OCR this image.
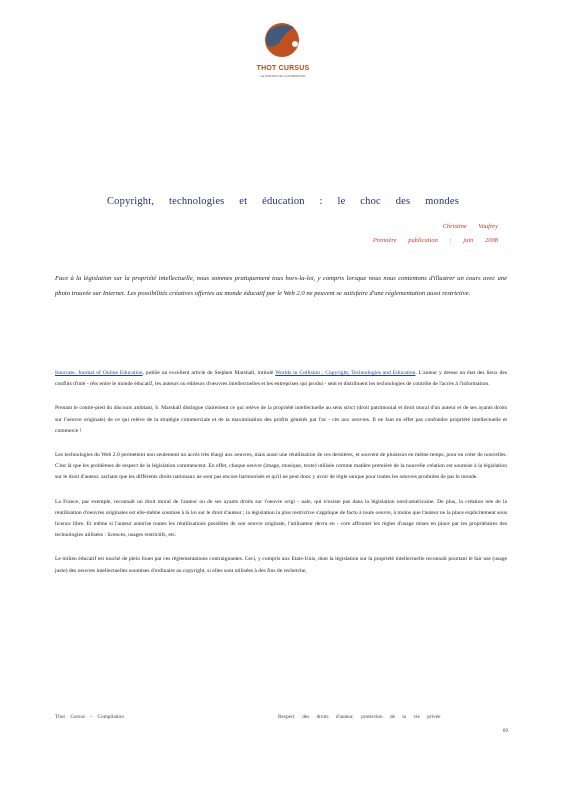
THOT CURSUS
LE PORTAIL DE LA FORMATION
Copyright, technologies et éducation : le choc des mondes
Christine Vaufrey
Première publication : juin 2008
Face à la législation sur la propriété intellectuelle, nous sommes pratiquement tous hors-la-loi, y compris lorsque nous nous contentons d'illustrer un cours avec une photo trouvée sur Internet. Les possibilités créatives offertes au monde éducatif par le Web 2.0 ne peuvent se satisfaire d'une réglementation aussi restrictive.

Innovate, Journal of Online Education, publie un excellent article de Stephen Marshall, intitulé Worlds in Collision : Copyright, Technologies and Education. L'auteur y dresse un état des lieux des conflits d'inté - rêts entre le monde éducatif, les auteurs ou éditeurs d'oeuvres intellectuelles et les entreprises qui produi - sent et distribuent les technologies de contrôle de l'accès à l'information.

Prenant le contre-pied du discours ambiant, S. Marshall distingue clairement ce qui relève de la propriété intellectuelle au sens strict (droit patrimonial et droit moral d'un auteur et de ses ayants droits sur l'oeuvre originale) de ce qui relève de la stratégie commerciale et de la maximisation des profits générés par l'ac - cès aux oeuvres. Il ne faut en effet pas confondre propriété intellectuelle et commerce !

Les technologies du Web 2.0 permettent non seulement un accès très élargi aux oeuvres, mais aussi une réutilisation de ces dernières, et souvent de plusieurs en même temps, pour en créer de nouvelles. C'est là que les problèmes de respect de la législation commencent. En effet, chaque oeuvre (image, musique, texte) utilisée comme matière première de la nouvelle création est soumise à la législation sur le droit d'auteur, sachant que les différents droits nationaux ne sont pas encore harmonisés et qu'il ne peut donc y avoir de règle unique pour toutes les oeuvres produites de par le monde.

La France, par exemple, reconnaît un droit moral de l'auteur ou de ses ayants droits sur l'oeuvre origi - nale, qui n'existe pas dans la législation nord-américaine. De plus, la création née de la réutilisation d'oeuvres originales est elle-même soumise à la loi sur le droit d'auteur ; la législation la plus restrictive s'applique de facto à toute oeuvre, à moins que l'auteur ne la place explicitement sous licence libre. Et même si l'auteur autorise toutes les réutilisations possibles de son oeuvre originale, l'utilisateur devra en - core affronter les règles d'usage mises en place par les propriétaires des technologies utilisées : licences, usages restrictifs, etc.

Le milieu éducatif est touché de plein fouet par ces réglementations contraignantes. Ceci, y compris aux Etats-Unis, dont la législation sur la propriété intellectuelle reconnaît pourtant le fair use (usage juste) des oeuvres intellectuelles soumises d'ordinaire au copyright, si elles sont utilisées à des fins de recherche,

Thot Cursus - Compilation	Respect des droits d'auteur, protection de la vie privée
69
